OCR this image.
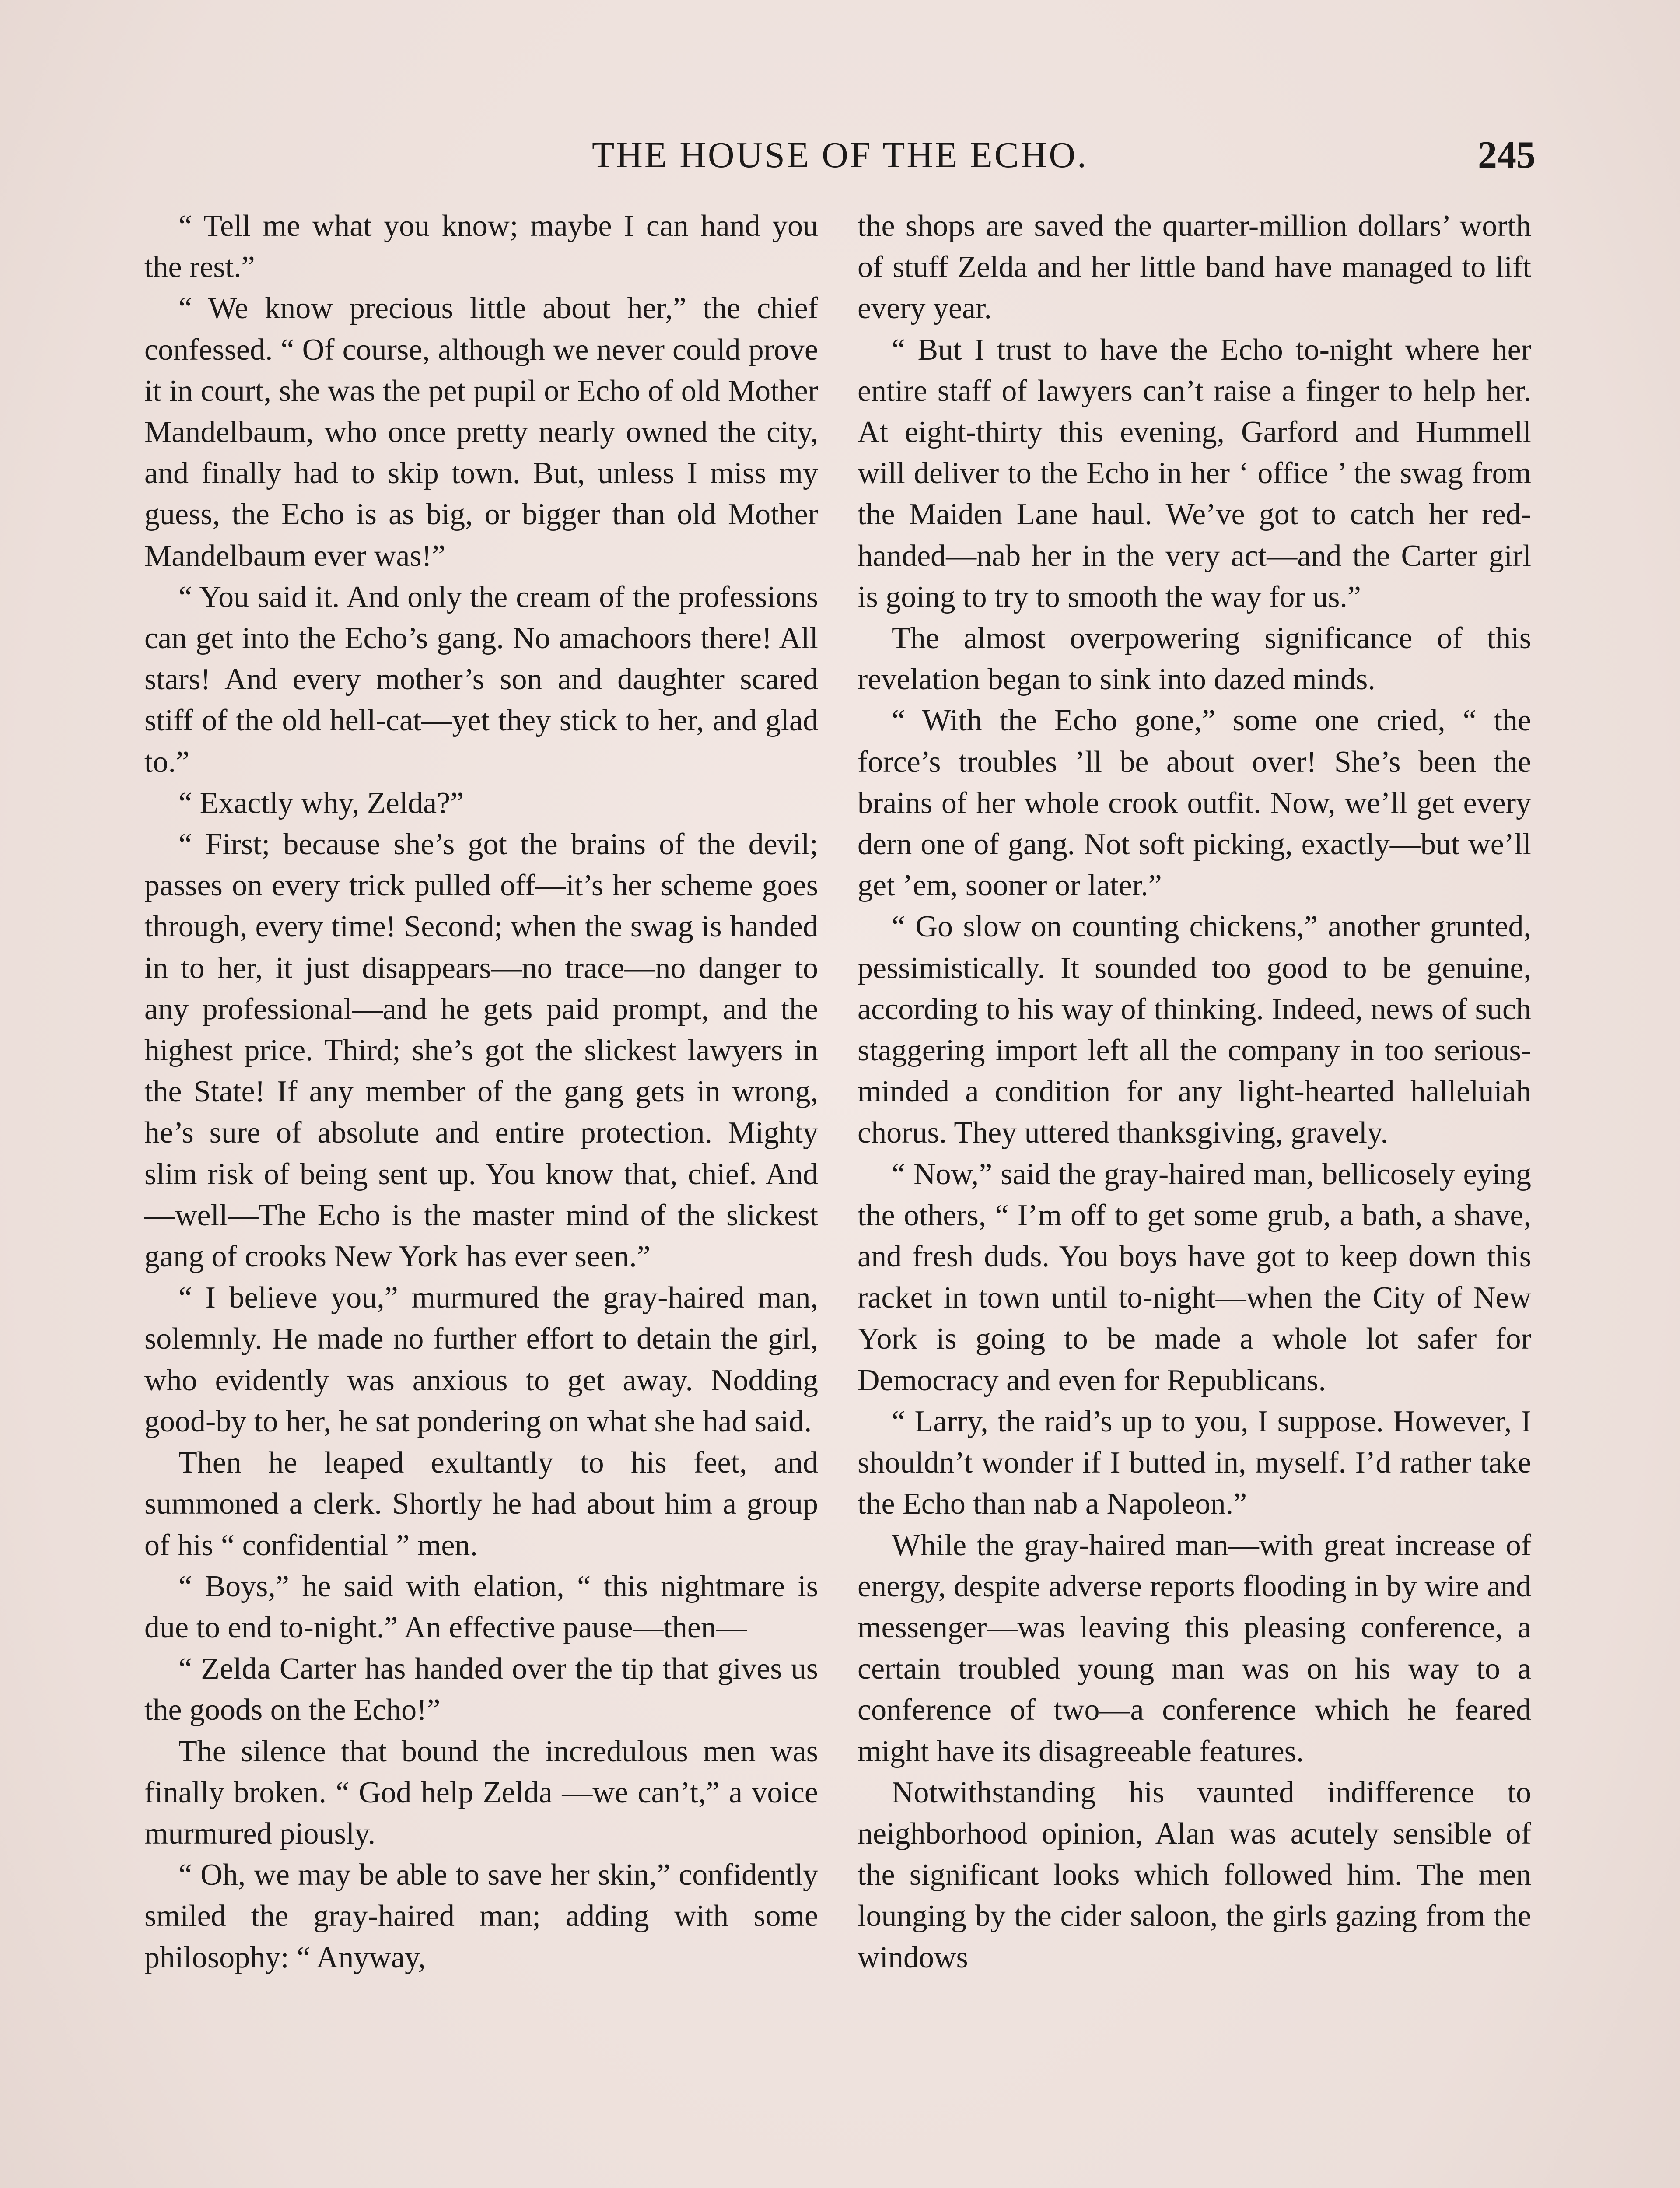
THE HOUSE OF THE ECHO.	245

“ Tell me what you know; maybe I can hand you the rest.”

“ We know precious little about her,” the chief confessed. “ Of course, although we never could prove it in court, she was the pet pupil or Echo of old Mother Mandelbaum, who once pretty nearly owned the city, and finally had to skip town. But, unless I miss my guess, the Echo is as big, or bigger than old Mother Mandelbaum ever was!”

“ You said it. And only the cream of the professions can get into the Echo’s gang. No amachoors there! All stars! And every mother’s son and daughter scared stiff of the old hell-cat—yet they stick to her, and glad to.”

“ Exactly why, Zelda?”

“ First; because she’s got the brains of the devil; passes on every trick pulled off—it’s her scheme goes through, every time! Second; when the swag is handed in to her, it just disappears—no trace—no danger to any professional—and he gets paid prompt, and the highest price. Third; she’s got the slickest lawyers in the State! If any member of the gang gets in wrong, he’s sure of absolute and entire protection. Mighty slim risk of being sent up. You know that, chief. And—well—The Echo is the master mind of the slickest gang of crooks New York has ever seen.”

“ I believe you,” murmured the gray-haired man, solemnly. He made no further effort to detain the girl, who evidently was anxious to get away. Nodding good-by to her, he sat pondering on what she had said.

Then he leaped exultantly to his feet, and summoned a clerk. Shortly he had about him a group of his “ confidential ” men.

“ Boys,” he said with elation, “ this nightmare is due to end to-night.” An effective pause—then—

“ Zelda Carter has handed over the tip that gives us the goods on the Echo!”

The silence that bound the incredulous men was finally broken. “ God help Zelda —we can’t,” a voice murmured piously.

“ Oh, we may be able to save her skin,” confidently smiled the gray-haired man; adding with some philosophy: “ Anyway,

the shops are saved the quarter-million dollars’ worth of stuff Zelda and her little band have managed to lift every year.

“ But I trust to have the Echo to-night where her entire staff of lawyers can’t raise a finger to help her. At eight-thirty this evening, Garford and Hummell will deliver to the Echo in her ‘ office ’ the swag from the Maiden Lane haul. We’ve got to catch her red-handed—nab her in the very act—and the Carter girl is going to try to smooth the way for us.”

The almost overpowering significance of this revelation began to sink into dazed minds.

“ With the Echo gone,” some one cried, “ the force’s troubles ’ll be about over! She’s been the brains of her whole crook outfit. Now, we’ll get every dern one of gang. Not soft picking, exactly—but we’ll get ’em, sooner or later.”

“ Go slow on counting chickens,” another grunted, pessimistically. It sounded too good to be genuine, according to his way of thinking. Indeed, news of such staggering import left all the company in too serious-minded a condition for any light-hearted halleluiah chorus. They uttered thanksgiving, gravely.

“ Now,” said the gray-haired man, bellicosely eying the others, “ I’m off to get some grub, a bath, a shave, and fresh duds. You boys have got to keep down this racket in town until to-night—when the City of New York is going to be made a whole lot safer for Democracy and even for Republicans.

“ Larry, the raid’s up to you, I suppose. However, I shouldn’t wonder if I butted in, myself. I’d rather take the Echo than nab a Napoleon.”

While the gray-haired man—with great increase of energy, despite adverse reports flooding in by wire and messenger—was leaving this pleasing conference, a certain troubled young man was on his way to a conference of two—a conference which he feared might have its disagreeable features.

Notwithstanding his vaunted indifference to neighborhood opinion, Alan was acutely sensible of the significant looks which followed him. The men lounging by the cider saloon, the girls gazing from the windows
